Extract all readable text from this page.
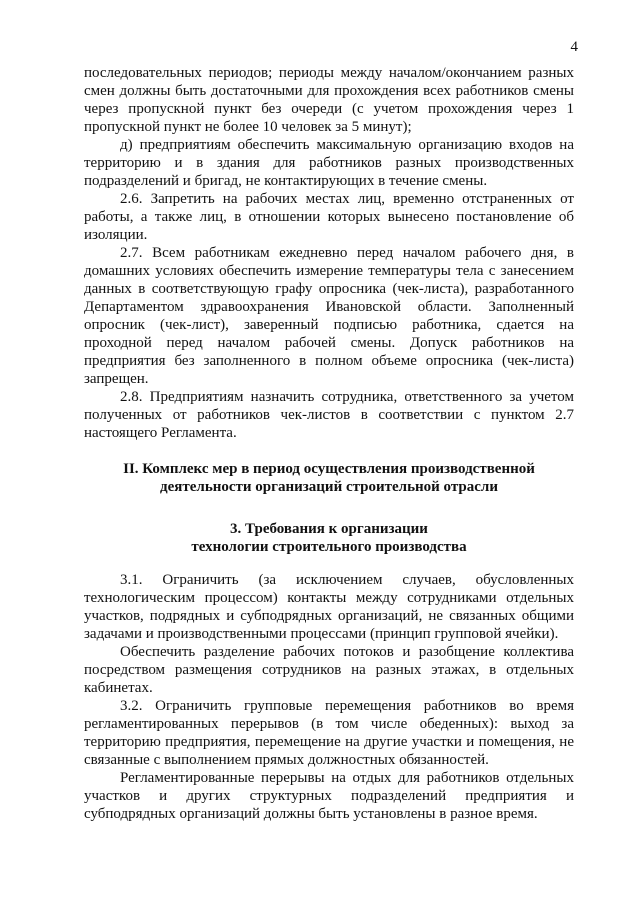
4

последовательных периодов; периоды между началом/окончанием разных смен должны быть достаточными для прохождения всех работников смены через пропускной пункт без очереди (с учетом прохождения через 1 пропускной пункт не более 10 человек за 5 минут);

д) предприятиям обеспечить максимальную организацию входов на территорию и в здания для работников разных производственных подразделений и бригад, не контактирующих в течение смены.

2.6. Запретить на рабочих местах лиц, временно отстраненных от работы, а также лиц, в отношении которых вынесено постановление об изоляции.

2.7. Всем работникам ежедневно перед началом рабочего дня, в домашних условиях обеспечить измерение температуры тела с занесением данных в соответствующую графу опросника (чек-листа), разработанного Департаментом здравоохранения Ивановской области. Заполненный опросник (чек-лист), заверенный подписью работника, сдается на проходной перед началом рабочей смены. Допуск работников на предприятия без заполненного в полном объеме опросника (чек-листа) запрещен.

2.8. Предприятиям назначить сотрудника, ответственного за учетом полученных от работников чек-листов в соответствии с пунктом 2.7 настоящего Регламента.

II. Комплекс мер в период осуществления производственной
деятельности организаций строительной отрасли
3. Требования к организации
технологии строительного производства

3.1. Ограничить (за исключением случаев, обусловленных технологическим процессом) контакты между сотрудниками отдельных участков, подрядных и субподрядных организаций, не связанных общими задачами и производственными процессами (принцип групповой ячейки).

Обеспечить разделение рабочих потоков и разобщение коллектива посредством размещения сотрудников на разных этажах, в отдельных кабинетах.

3.2. Ограничить групповые перемещения работников во время регламентированных перерывов (в том числе обеденных): выход за территорию предприятия, перемещение на другие участки и помещения, не связанные с выполнением прямых должностных обязанностей.

Регламентированные перерывы на отдых для работников отдельных участков и других структурных подразделений предприятия и субподрядных организаций должны быть установлены в разное время.
